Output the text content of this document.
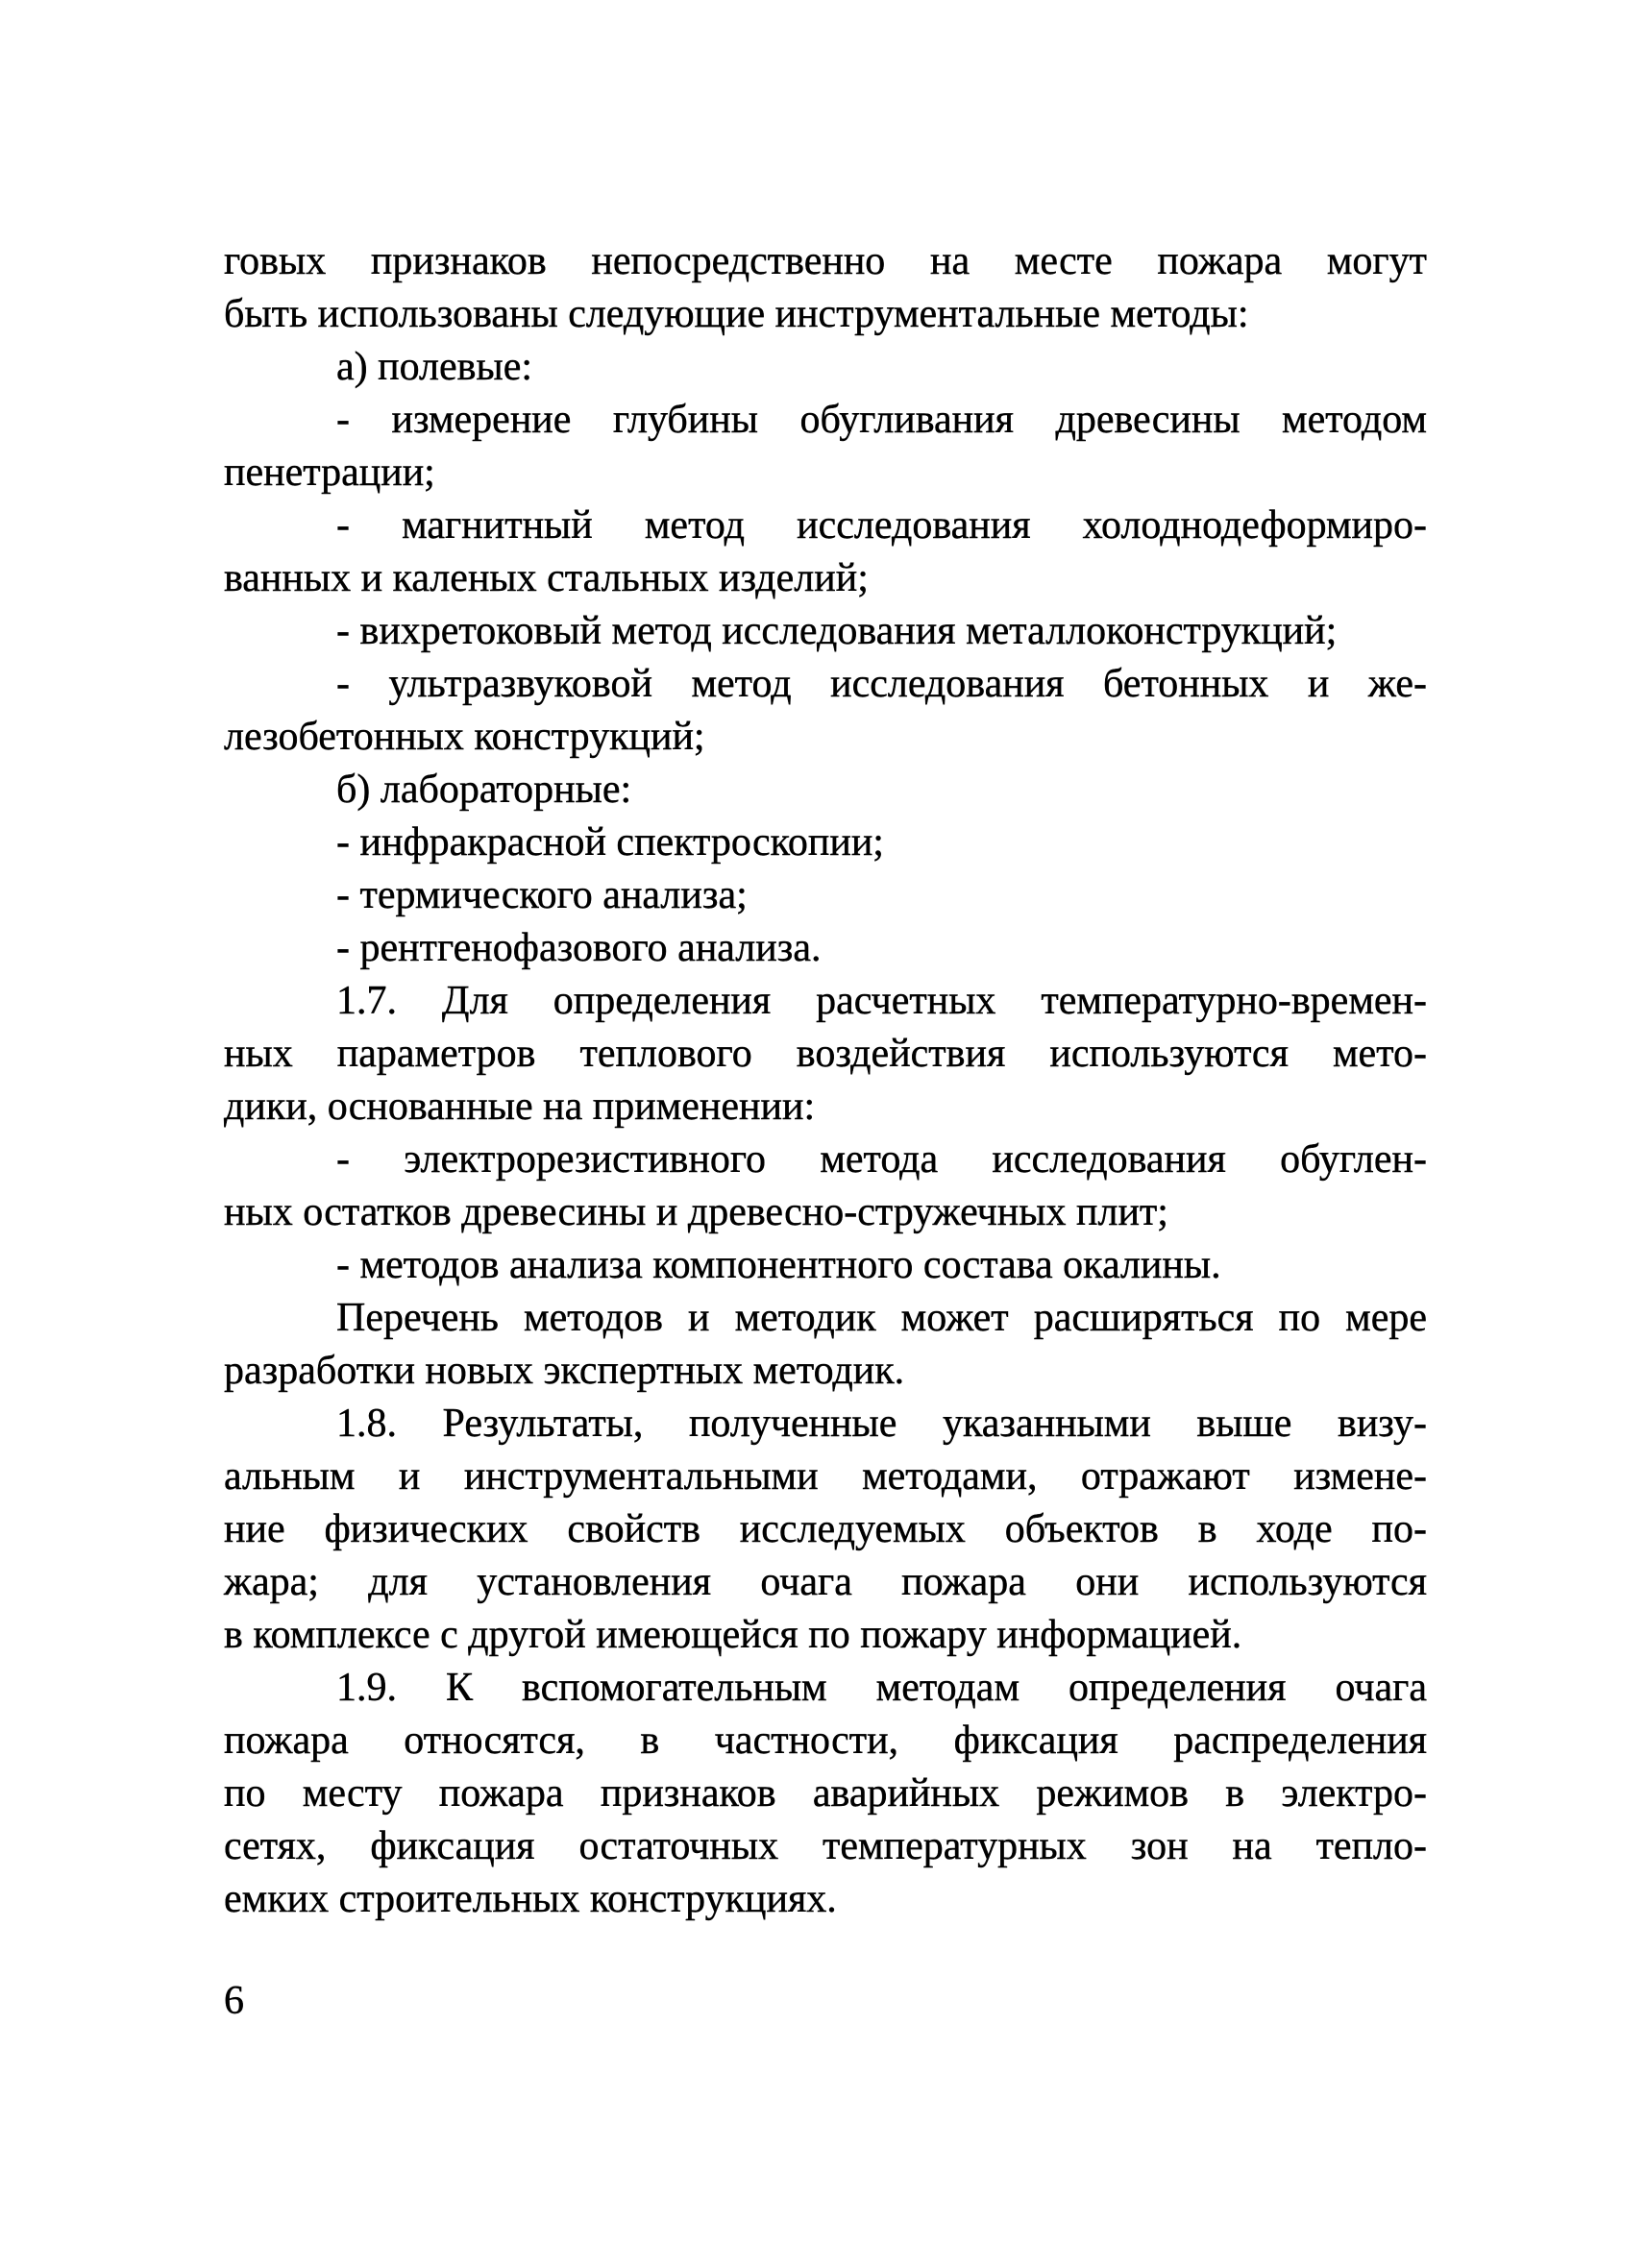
говых признаков непосредственно на месте пожара могут
быть использованы следующие инструментальные методы:
а) полевые:
- измерение глубины обугливания древесины методом
пенетрации;
- магнитный метод исследования холоднодеформиро-
ванных и каленых стальных изделий;
- вихретоковый метод исследования металлоконструкций;
- ультразвуковой метод исследования бетонных и же-
лезобетонных конструкций;
б) лабораторные:
- инфракрасной спектроскопии;
- термического анализа;
- рентгенофазового анализа.
1.7. Для определения расчетных температурно-времен-
ных параметров теплового воздействия используются мето-
дики, основанные на применении:
- электрорезистивного метода исследования обуглен-
ных остатков древесины и древесно-стружечных плит;
- методов анализа компонентного состава окалины.
Перечень методов и методик может расширяться по мере
разработки новых экспертных методик.
1.8. Результаты, полученные указанными выше визу-
альным и инструментальными методами, отражают измене-
ние физических свойств исследуемых объектов в ходе по-
жара; для установления очага пожара они используются
в комплексе с другой имеющейся по пожару информацией.
1.9. К вспомогательным методам определения очага
пожара относятся, в частности, фиксация распределения
по месту пожара признаков аварийных режимов в электро-
сетях, фиксация остаточных температурных зон на тепло-
емких строительных конструкциях.
6
